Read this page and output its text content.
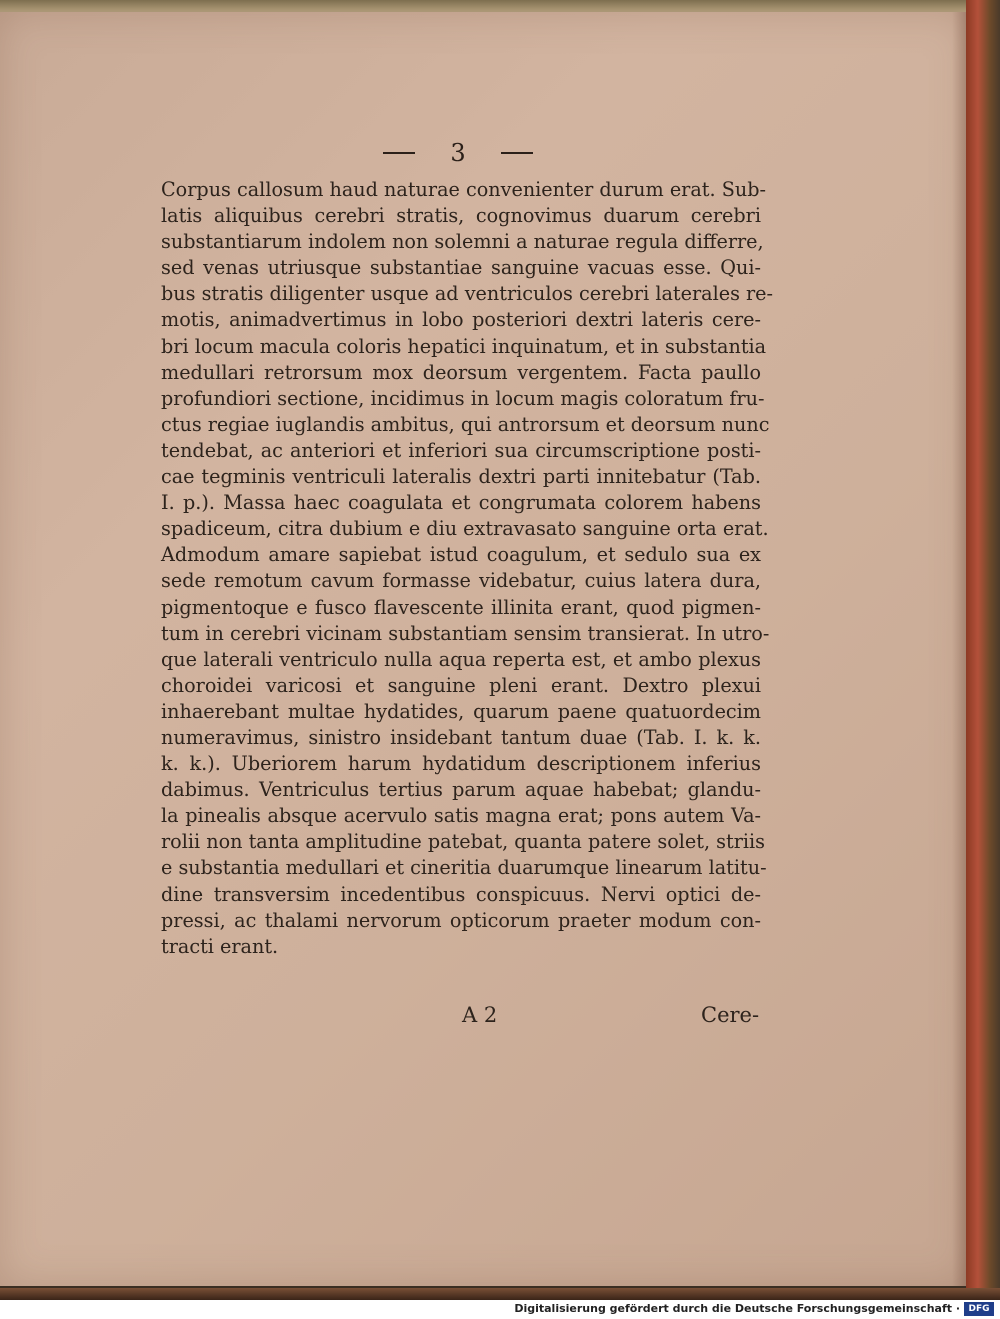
3
Corpus callosum haud naturae convenienter durum erat. Sub-
latis aliquibus cerebri stratis, cognovimus duarum cerebri
substantiarum indolem non solemni a naturae regula differre,
sed venas utriusque substantiae sanguine vacuas esse. Qui-
bus stratis diligenter usque ad ventriculos cerebri laterales re-
motis, animadvertimus in lobo posteriori dextri lateris cere-
bri locum macula coloris hepatici inquinatum, et in substantia
medullari retrorsum mox deorsum vergentem. Facta paullo
profundiori sectione, incidimus in locum magis coloratum fru-
ctus regiae iuglandis ambitus, qui antrorsum et deorsum nunc
tendebat, ac anteriori et inferiori sua circumscriptione posti-
cae tegminis ventriculi lateralis dextri parti innitebatur (Tab.
I. p.). Massa haec coagulata et congrumata colorem habens
spadiceum, citra dubium e diu extravasato sanguine orta erat.
Admodum amare sapiebat istud coagulum, et sedulo sua ex
sede remotum cavum formasse videbatur, cuius latera dura,
pigmentoque e fusco flavescente illinita erant, quod pigmen-
tum in cerebri vicinam substantiam sensim transierat. In utro-
que laterali ventriculo nulla aqua reperta est, et ambo plexus
choroidei varicosi et sanguine pleni erant. Dextro plexui
inhaerebant multae hydatides, quarum paene quatuordecim
numeravimus, sinistro insidebant tantum duae (Tab. I. k. k.
k. k.). Uberiorem harum hydatidum descriptionem inferius
dabimus. Ventriculus tertius parum aquae habebat; glandu-
la pinealis absque acervulo satis magna erat; pons autem Va-
rolii non tanta amplitudine patebat, quanta patere solet, striis
e substantia medullari et cineritia duarumque linearum latitu-
dine transversim incedentibus conspicuus. Nervi optici de-
pressi, ac thalami nervorum opticorum praeter modum con-
tracti erant.
A 2	Cere-
Digitalisierung gefördert durch die Deutsche Forschungsgemeinschaft · DFG
